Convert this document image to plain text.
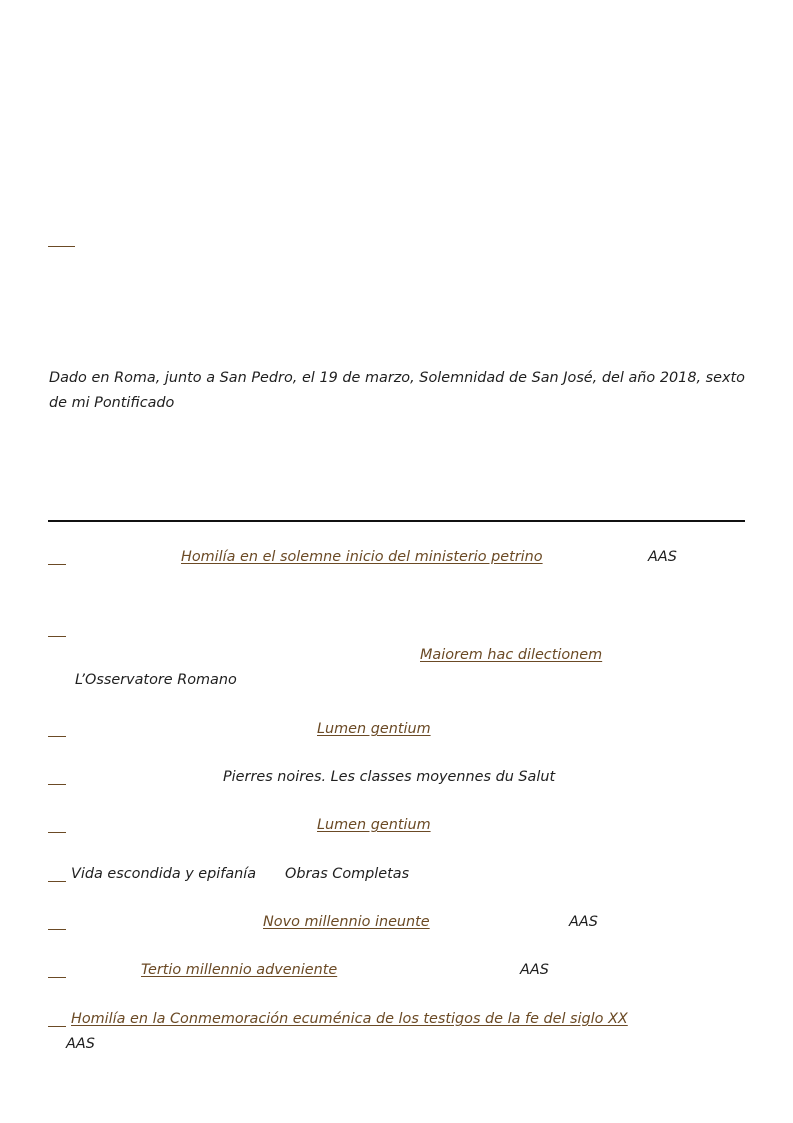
Dado en Roma, junto a San Pedro, el 19 de marzo, Solemnidad de San José, del año 2018, sexto de mi Pontificado

Homilía en el solemne inicio del ministerio petrino	AAS
Maiorem hac dilectionem
L’Osservatore Romano
Lumen gentium
Pierres noires. Les classes moyennes du Salut
Lumen gentium
Vida escondida y epifanía Obras Completas
Novo millennio ineunte	AAS
Tertio millennio adveniente	AAS
Homilía en la Conmemoración ecuménica de los testigos de la fe del siglo XX
AAS
